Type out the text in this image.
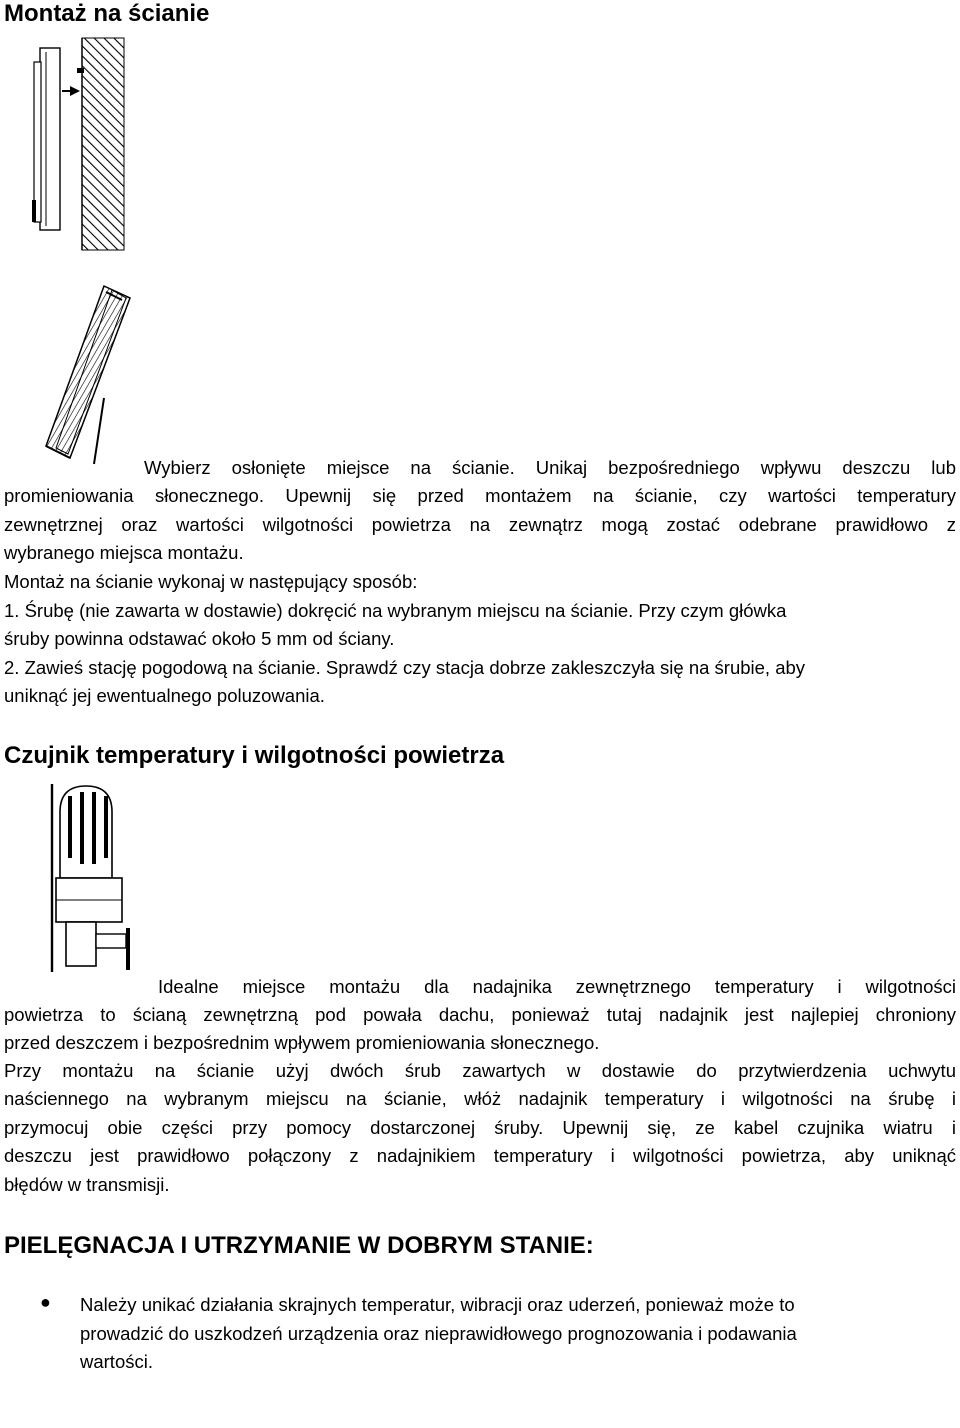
Montaż na ścianie
Wybierz osłonięte miejsce na ścianie. Unikaj bezpośredniego wpływu deszczu lub
promieniowania słonecznego. Upewnij się przed montażem na ścianie, czy wartości temperatury
zewnętrznej oraz wartości wilgotności powietrza na zewnątrz mogą zostać odebrane prawidłowo z
wybranego miejsca montażu.
Montaż na ścianie wykonaj w następujący sposób:
1. Śrubę (nie zawarta w dostawie) dokręcić na wybranym miejscu na ścianie. Przy czym główka
śruby powinna odstawać około 5 mm od ściany.
2. Zawieś stację pogodową na ścianie. Sprawdź czy stacja dobrze zakleszczyła się na śrubie, aby
uniknąć jej ewentualnego poluzowania.
Czujnik temperatury i wilgotności powietrza
Idealne miejsce montażu dla nadajnika zewnętrznego temperatury i wilgotności
powietrza to ścianą zewnętrzną pod powała dachu, ponieważ tutaj nadajnik jest najlepiej chroniony
przed deszczem i bezpośrednim wpływem promieniowania słonecznego.
Przy montażu na ścianie użyj dwóch śrub zawartych w dostawie do przytwierdzenia uchwytu
naściennego na wybranym miejscu na ścianie, włóż nadajnik temperatury i wilgotności na śrubę i
przymocuj obie części przy pomocy dostarczonej śruby. Upewnij się, ze kabel czujnika wiatru i
deszczu jest prawidłowo połączony z nadajnikiem temperatury i wilgotności powietrza, aby uniknąć
błędów w transmisji.
PIELĘGNACJA I UTRZYMANIE W DOBRYM STANIE:
● Należy unikać działania skrajnych temperatur, wibracji oraz uderzeń, ponieważ może to
prowadzić do uszkodzeń urządzenia oraz nieprawidłowego prognozowania i podawania
wartości.
